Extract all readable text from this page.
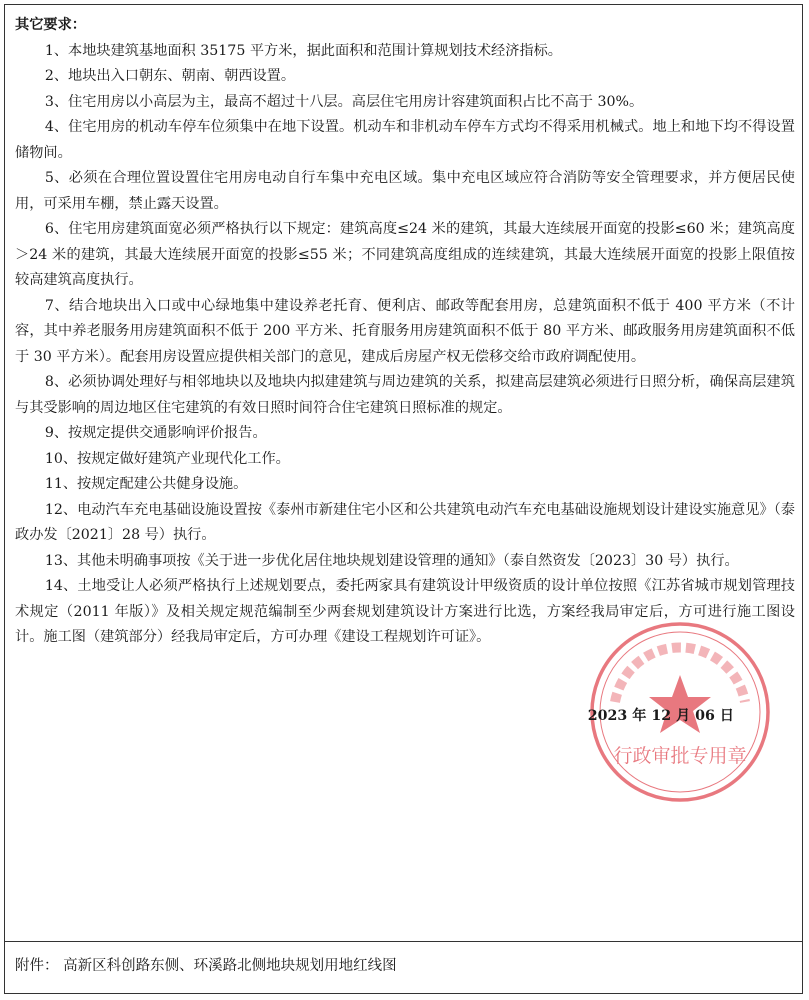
其它要求：

1、本地块建筑基地面积 35175 平方米，据此面积和范围计算规划技术经济指标。

2、地块出入口朝东、朝南、朝西设置。

3、住宅用房以小高层为主，最高不超过十八层。高层住宅用房计容建筑面积占比不高于 30%。

4、住宅用房的机动车停车位须集中在地下设置。机动车和非机动车停车方式均不得采用机械式。地上和地下均不得设置储物间。

5、必须在合理位置设置住宅用房电动自行车集中充电区域。集中充电区域应符合消防等安全管理要求，并方便居民使用，可采用车棚，禁止露天设置。

6、住宅用房建筑面宽必须严格执行以下规定：建筑高度≤24 米的建筑，其最大连续展开面宽的投影≤60 米；建筑高度＞24 米的建筑，其最大连续展开面宽的投影≤55 米；不同建筑高度组成的连续建筑，其最大连续展开面宽的投影上限值按较高建筑高度执行。

7、结合地块出入口或中心绿地集中建设养老托育、便利店、邮政等配套用房，总建筑面积不低于 400 平方米（不计容，其中养老服务用房建筑面积不低于 200 平方米、托育服务用房建筑面积不低于 80 平方米、邮政服务用房建筑面积不低于 30 平方米）。配套用房设置应提供相关部门的意见，建成后房屋产权无偿移交给市政府调配使用。

8、必须协调处理好与相邻地块以及地块内拟建建筑与周边建筑的关系，拟建高层建筑必须进行日照分析，确保高层建筑与其受影响的周边地区住宅建筑的有效日照时间符合住宅建筑日照标准的规定。

9、按规定提供交通影响评价报告。

10、按规定做好建筑产业现代化工作。

11、按规定配建公共健身设施。

12、电动汽车充电基础设施设置按《泰州市新建住宅小区和公共建筑电动汽车充电基础设施规划设计建设实施意见》（泰政办发〔2021〕28 号）执行。

13、其他未明确事项按《关于进一步优化居住地块规划建设管理的通知》（泰自然资发〔2023〕30 号）执行。

14、土地受让人必须严格执行上述规划要点，委托两家具有建筑设计甲级资质的设计单位按照《江苏省城市规划管理技术规定（2011 年版）》及相关规定规范编制至少两套规划建筑设计方案进行比选，方案经我局审定后，方可进行施工图设计。施工图（建筑部分）经我局审定后，方可办理《建设工程规划许可证》。

行政审批专用章
2023 年 12 月 06 日
附件： 高新区科创路东侧、环溪路北侧地块规划用地红线图
